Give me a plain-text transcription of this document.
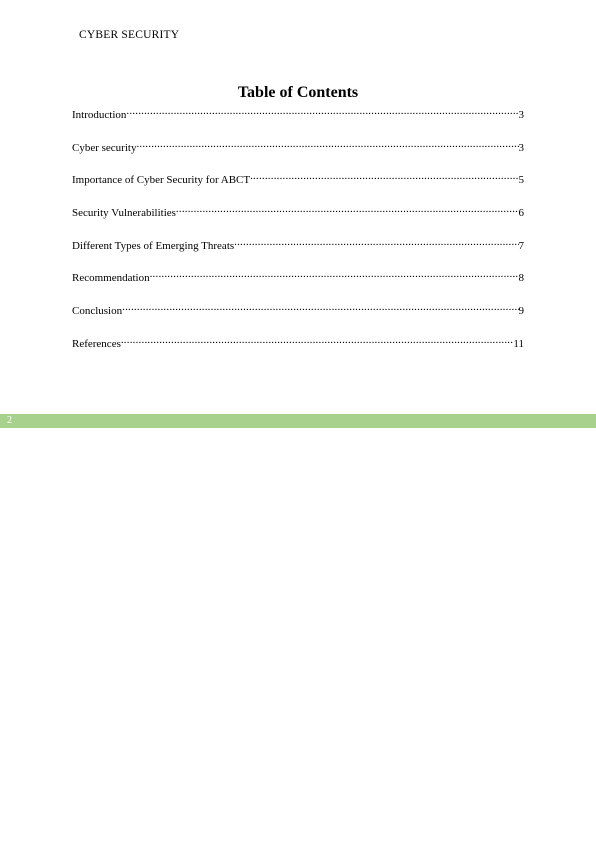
CYBER SECURITY
Table of Contents
Introduction .....	3
Cyber security .....	3
Importance of Cyber Security for ABCT .....	5
Security Vulnerabilities .....	6
Different Types of Emerging Threats .....	7
Recommendation .....	8
Conclusion .....	9
References .....	11
2
